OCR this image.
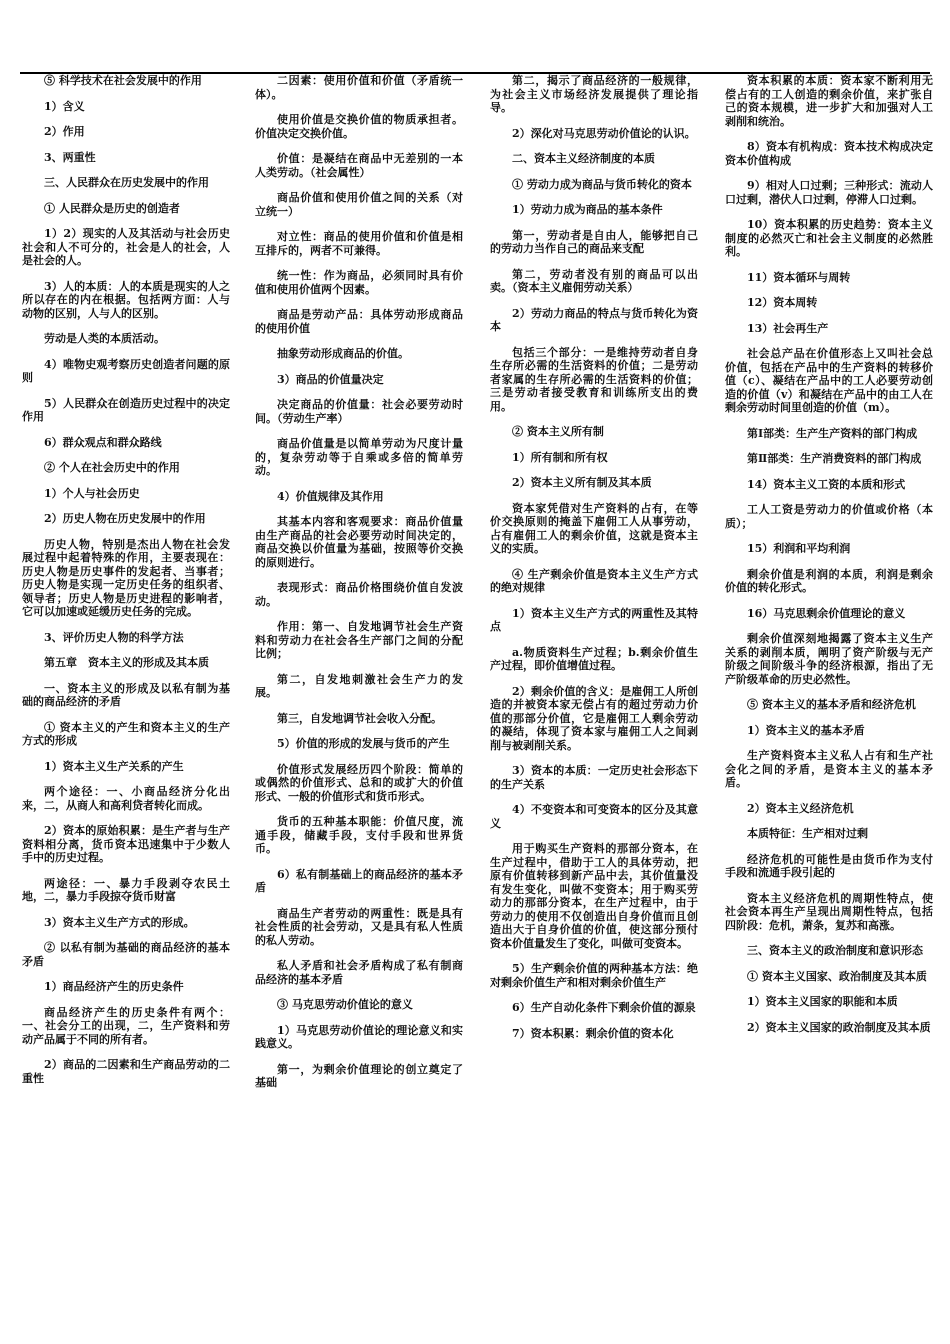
⑤ 科学技术在社会发展中的作用

1）含义

2）作用

3、两重性

三、人民群众在历史发展中的作用

① 人民群众是历史的创造者

1）2）现实的人及其活动与社会历史社会和人不可分的，社会是人的社会，人是社会的人。

3）人的本质：人的本质是现实的人之所以存在的内在根据。包括两方面：人与动物的区别，人与人的区别。

劳动是人类的本质活动。

4）唯物史观考察历史创造者问题的原则

5）人民群众在创造历史过程中的决定作用

6）群众观点和群众路线

② 个人在社会历史中的作用

1）个人与社会历史

2）历史人物在历史发展中的作用

历史人物，特别是杰出人物在社会发展过程中起着特殊的作用，主要表现在：历史人物是历史事件的发起者、当事者；历史人物是实现一定历史任务的组织者、领导者；历史人物是历史进程的影响者，它可以加速或延缓历史任务的完成。

3、评价历史人物的科学方法

第五章　资本主义的形成及其本质

一、资本主义的形成及以私有制为基础的商品经济的矛盾

① 资本主义的产生和资本主义的生产方式的形成

1）资本主义生产关系的产生

两个途径：一、小商品经济分化出来，二，从商人和高利贷者转化而成。

2）资本的原始积累：是生产者与生产资料相分离，货币资本迅速集中于少数人手中的历史过程。

两途径：一、暴力手段剥夺农民土地，二，暴力手段掠夺货币财富

3）资本主义生产方式的形成。

② 以私有制为基础的商品经济的基本矛盾

1）商品经济产生的历史条件

商品经济产生的历史条件有两个：一、社会分工的出现，二，生产资料和劳动产品属于不同的所有者。

2）商品的二因素和生产商品劳动的二重性

二因素：使用价值和价值（矛盾统一体）。

使用价值是交换价值的物质承担者。价值决定交换价值。

价值：是凝结在商品中无差别的一本人类劳动。（社会属性）

商品价值和使用价值之间的关系（对立统一）

对立性：商品的使用价值和价值是相互排斥的，两者不可兼得。

统一性：作为商品，必须同时具有价值和使用价值两个因素。

商品是劳动产品：具体劳动形成商品的使用价值

抽象劳动形成商品的价值。

3）商品的价值量决定

决定商品的价值量：社会必要劳动时间。（劳动生产率）

商品价值量是以简单劳动为尺度计量的，复杂劳动等于自乘或多倍的简单劳动。

4）价值规律及其作用

其基本内容和客观要求：商品价值量由生产商品的社会必要劳动时间决定的，商品交换以价值量为基础，按照等价交换的原则进行。

表现形式：商品价格围绕价值自发波动。

作用：第一、自发地调节社会生产资料和劳动力在社会各生产部门之间的分配比例；

第二，自发地刺激社会生产力的发展。

第三，自发地调节社会收入分配。

5）价值的形成的发展与货币的产生

价值形式发展经历四个阶段：简单的或偶然的价值形式、总和的或扩大的价值形式、一般的价值形式和货币形式。

货币的五种基本职能：价值尺度，流通手段，储藏手段，支付手段和世界货币。

6）私有制基础上的商品经济的基本矛盾

商品生产者劳动的两重性：既是具有社会性质的社会劳动，又是具有私人性质的私人劳动。

私人矛盾和社会矛盾构成了私有制商品经济的基本矛盾

③ 马克思劳动价值论的意义

1）马克思劳动价值论的理论意义和实践意义。

第一，为剩余价值理论的创立奠定了基础

第二，揭示了商品经济的一般规律，为社会主义市场经济发展提供了理论指导。

2）深化对马克思劳动价值论的认识。

二、资本主义经济制度的本质

① 劳动力成为商品与货币转化的资本

1）劳动力成为商品的基本条件

第一，劳动者是自由人，能够把自己的劳动力当作自己的商品来支配

第二，劳动者没有别的商品可以出卖。（资本主义雇佣劳动关系）

2）劳动力商品的特点与货币转化为资本

包括三个部分：一是维持劳动者自身生存所必需的生活资料的价值；二是劳动者家属的生存所必需的生活资料的价值；三是劳动者接受教育和训练所支出的费用。

② 资本主义所有制

1）所有制和所有权

2）资本主义所有制及其本质

资本家凭借对生产资料的占有，在等价交换原则的掩盖下雇佣工人从事劳动，占有雇佣工人的剩余价值，这就是资本主义的实质。

④ 生产剩余价值是资本主义生产方式的绝对规律

1）资本主义生产方式的两重性及其特点

a.物质资料生产过程；b.剩余价值生产过程，即价值增值过程。

2）剩余价值的含义：是雇佣工人所创造的并被资本家无偿占有的超过劳动力价值的那部分价值，它是雇佣工人剩余劳动的凝结，体现了资本家与雇佣工人之间剥削与被剥削关系。

3）资本的本质：一定历史社会形态下的生产关系

4）不变资本和可变资本的区分及其意义

用于购买生产资料的那部分资本，在生产过程中，借助于工人的具体劳动，把原有价值转移到新产品中去，其价值量没有发生变化，叫做不变资本；用于购买劳动力的那部分资本，在生产过程中，由于劳动力的使用不仅创造出自身价值而且创造出大于自身价值的价值，使这部分预付资本价值量发生了变化，叫做可变资本。

5）生产剩余价值的两种基本方法：绝对剩余价值生产和相对剩余价值生产

6）生产自动化条件下剩余价值的源泉

7）资本积累：剩余价值的资本化

资本积累的本质：资本家不断利用无偿占有的工人创造的剩余价值，来扩张自己的资本规模，进一步扩大和加强对人工剥削和统治。

8）资本有机构成：资本技术构成决定资本价值构成

9）相对人口过剩；三种形式：流动人口过剩，潜伏人口过剩，停滞人口过剩。

10）资本积累的历史趋势：资本主义制度的必然灭亡和社会主义制度的必然胜利。

11）资本循环与周转

12）资本周转

13）社会再生产

社会总产品在价值形态上又叫社会总价值，包括在产品中的生产资料的转移价值（c）、凝结在产品中的工人必要劳动创造的价值（v）和凝结在产品中的由工人在剩余劳动时间里创造的价值（m）。

第Ⅰ部类：生产生产资料的部门构成

第Ⅱ部类：生产消费资料的部门构成

14）资本主义工资的本质和形式

工人工资是劳动力的价值或价格（本质）；

15）利润和平均利润

剩余价值是利润的本质，利润是剩余价值的转化形式。

16）马克思剩余价值理论的意义

剩余价值深刻地揭露了资本主义生产关系的剥削本质，阐明了资产阶级与无产阶级之间阶级斗争的经济根源，指出了无产阶级革命的历史必然性。

⑤ 资本主义的基本矛盾和经济危机

1）资本主义的基本矛盾

生产资料资本主义私人占有和生产社会化之间的矛盾，是资本主义的基本矛盾。

2）资本主义经济危机

本质特征：生产相对过剩

经济危机的可能性是由货币作为支付手段和流通手段引起的

资本主义经济危机的周期性特点，使社会资本再生产呈现出周期性特点，包括四阶段：危机，萧条，复苏和高涨。

三、资本主义的政治制度和意识形态

① 资本主义国家、政治制度及其本质

1）资本主义国家的职能和本质

2）资本主义国家的政治制度及其本质
